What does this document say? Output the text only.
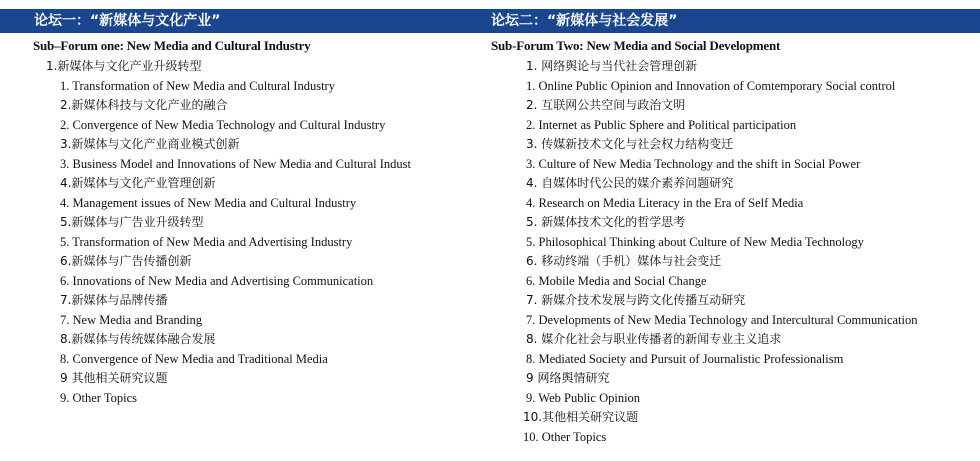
论坛一：“新媒体与文化产业”	论坛二：“新媒体与社会发展”
Sub–Forum one: New Media and Cultural Industry
1.新媒体与文化产业升级转型
1. Transformation of New Media and Cultural Industry
2.新媒体科技与文化产业的融合
2. Convergence of New Media Technology and Cultural Industry
3.新媒体与文化产业商业模式创新
3. Business Model and Innovations of New Media and Cultural Indust
4.新媒体与文化产业管理创新
4. Management issues of New Media and Cultural Industry
5.新媒体与广告业升级转型
5. Transformation of New Media and Advertising Industry
6.新媒体与广告传播创新
6. Innovations of New Media and Advertising Communication
7.新媒体与品牌传播
7. New Media and Branding
8.新媒体与传统媒体融合发展
8. Convergence of New Media and Traditional Media
9 其他相关研究议题
9. Other Topics
Sub-Forum Two: New Media and Social Development
1. 网络舆论与当代社会管理创新
1. Online Public Opinion and Innovation of Comtemporary Social control
2. 互联网公共空间与政治文明
2. Internet as Public Sphere and Political participation
3. 传媒新技术文化与社会权力结构变迁
3. Culture of New Media Technology and the shift in Social Power
4. 自媒体时代公民的媒介素养问题研究
4. Research on Media Literacy in the Era of Self Media
5. 新媒体技术文化的哲学思考
5. Philosophical Thinking about Culture of New Media Technology
6. 移动终端（手机）媒体与社会变迁
6. Mobile Media and Social Change
7. 新媒介技术发展与跨文化传播互动研究
7. Developments of New Media Technology and Intercultural Communication
8. 媒介化社会与职业传播者的新闻专业主义追求
8. Mediated Society and Pursuit of Journalistic Professionalism
9 网络舆情研究
9. Web Public Opinion
10.其他相关研究议题
10. Other Topics
